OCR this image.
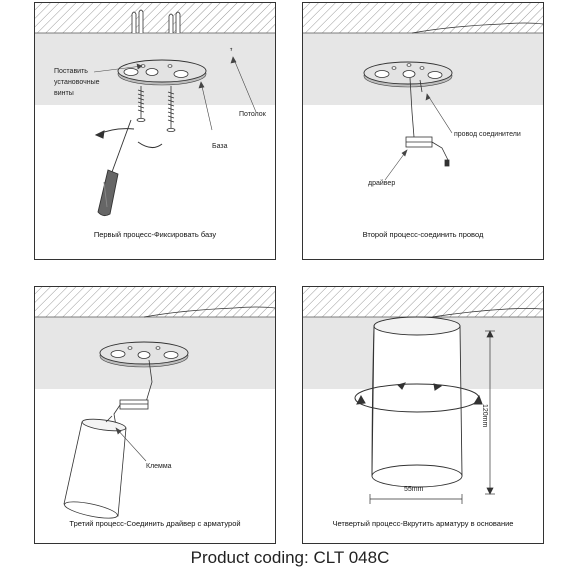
Поставить
установочные
винты
Потолок
База
Первый процесс-Фиксировать базу
провод соединители
драйвер
Второй процесс-соединить провод
Клемма
Третий процесс-Соединить драйвер с арматурой
120mm
55mm
Четвертый процесс-Вкрутить арматуру в основание
Product coding: CLT 048C
